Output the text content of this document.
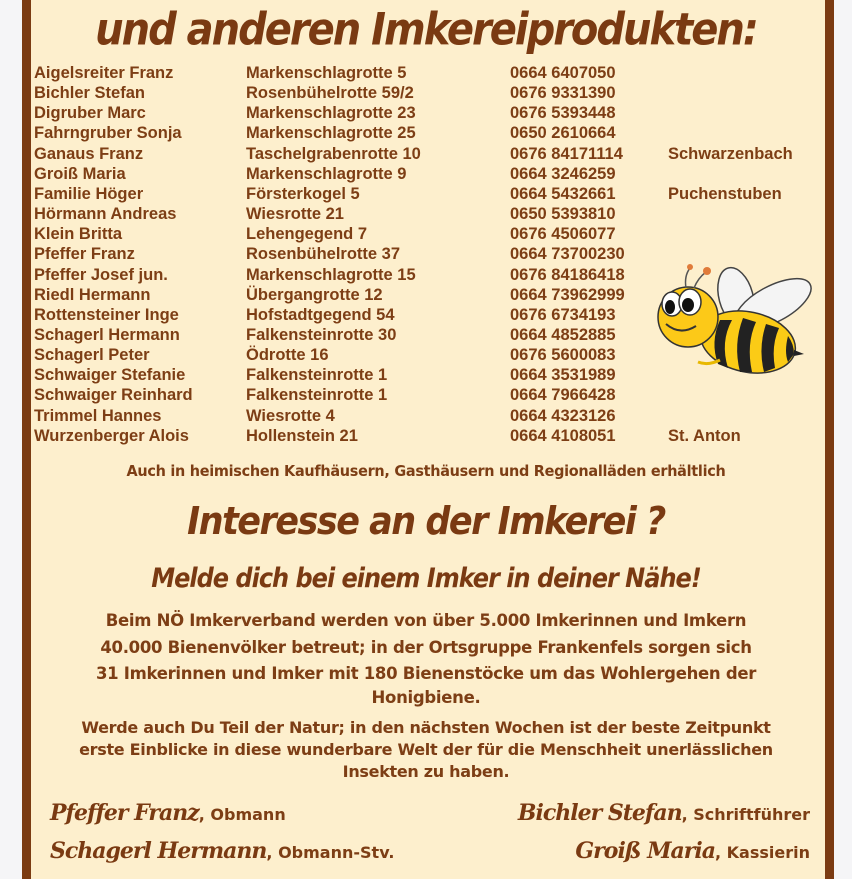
und anderen Imkereiprodukten:
Aigelsreiter Franz	Markenschlagrotte 5	0664 6407050
Bichler Stefan	Rosenbühelrotte 59/2	0676 9331390
Digruber Marc	Markenschlagrotte 23	0676 5393448
Fahrngruber Sonja	Markenschlagrotte 25	0650 2610664
Ganaus Franz	Taschelgrabenrotte 10	0676 84171114	Schwarzenbach
Groiß Maria	Markenschlagrotte 9	0664 3246259
Familie Höger	Försterkogel 5	0664 5432661	Puchenstuben
Hörmann Andreas	Wiesrotte 21	0650 5393810
Klein Britta	Lehengegend 7	0676 4506077
Pfeffer Franz	Rosenbühelrotte 37	0664 73700230
Pfeffer Josef jun.	Markenschlagrotte 15	0676 84186418
Riedl Hermann	Übergangrotte 12	0664 73962999
Rottensteiner Inge	Hofstadtgegend 54	0676 6734193
Schagerl Hermann	Falkensteinrotte 30	0664 4852885
Schagerl Peter	Ödrotte 16	0676 5600083
Schwaiger Stefanie	Falkensteinrotte 1	0664 3531989
Schwaiger Reinhard	Falkensteinrotte 1	0664 7966428
Trimmel Hannes	Wiesrotte 4	0664 4323126
Wurzenberger Alois	Hollenstein 21	0664 4108051	St. Anton
Auch in heimischen Kaufhäusern, Gasthäusern und Regionalläden erhältlich
Interesse an der Imkerei ?
Melde dich bei einem Imker in deiner Nähe!
Beim NÖ Imkerverband werden von über 5.000 Imkerinnen und Imkern
40.000 Bienenvölker betreut; in der Ortsgruppe Frankenfels sorgen sich
31 Imkerinnen und Imker mit 180 Bienenstöcke um das Wohlergehen der
Honigbiene.
Werde auch Du Teil der Natur; in den nächsten Wochen ist der beste Zeitpunkt
erste Einblicke in diese wunderbare Welt der für die Menschheit unerlässlichen
Insekten zu haben.
Pfeffer Franz, Obmann	Bichler Stefan, Schriftführer
Schagerl Hermann, Obmann-Stv.	Groiß Maria, Kassierin
